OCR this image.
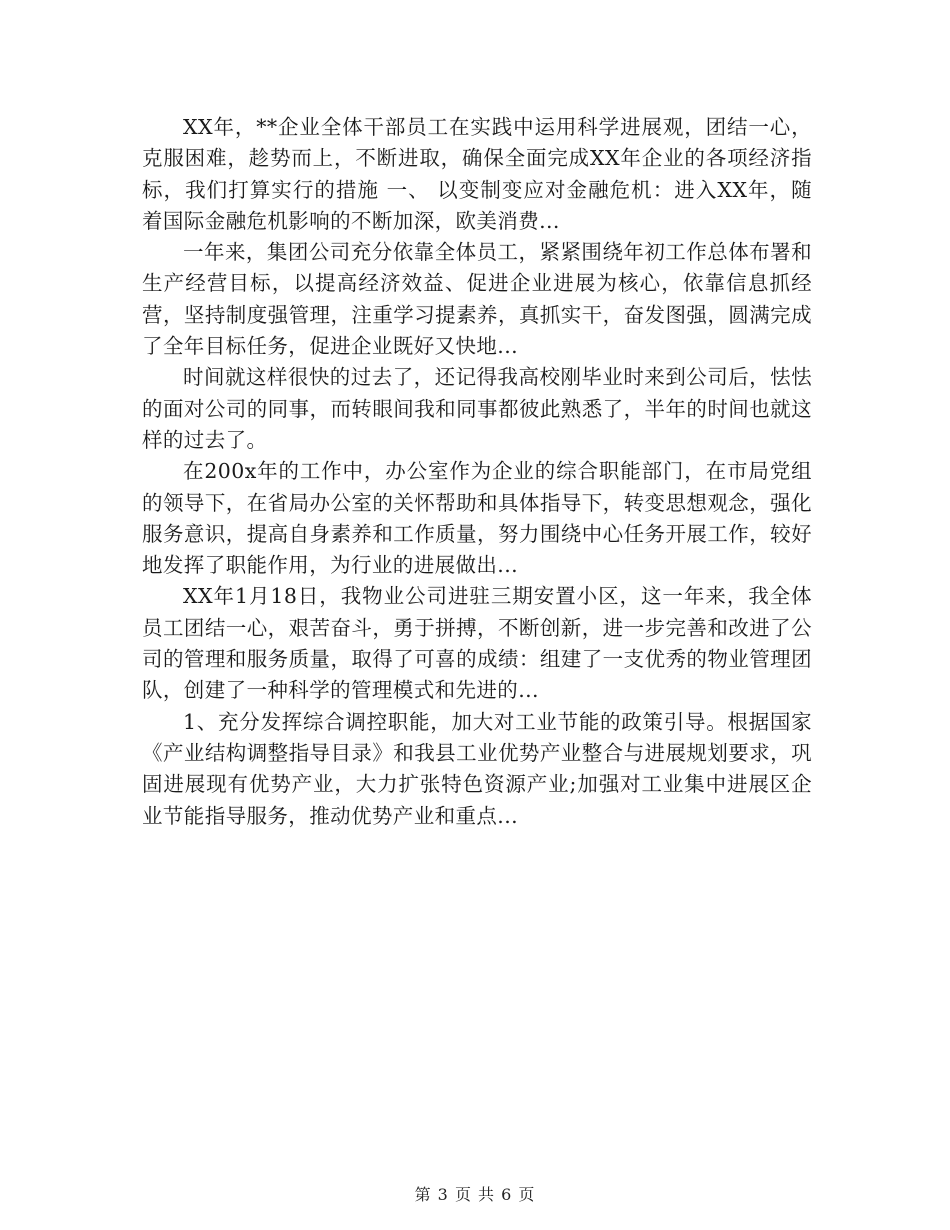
XX年，**企业全体干部员工在实践中运用科学进展观，团结一心，克服困难，趁势而上，不断进取，确保全面完成XX年企业的各项经济指标，我们打算实行的措施 一、 以变制变应对金融危机：进入XX年，随着国际金融危机影响的不断加深，欧美消费...

一年来，集团公司充分依靠全体员工，紧紧围绕年初工作总体布署和生产经营目标，以提高经济效益、促进企业进展为核心，依靠信息抓经营，坚持制度强管理，注重学习提素养，真抓实干，奋发图强，圆满完成了全年目标任务，促进企业既好又快地...

时间就这样很快的过去了，还记得我高校刚毕业时来到公司后，怯怯的面对公司的同事，而转眼间我和同事都彼此熟悉了，半年的时间也就这样的过去了。

在200x年的工作中，办公室作为企业的综合职能部门，在市局党组的领导下，在省局办公室的关怀帮助和具体指导下，转变思想观念，强化服务意识，提高自身素养和工作质量，努力围绕中心任务开展工作，较好地发挥了职能作用，为行业的进展做出...

XX年1月18日，我物业公司进驻三期安置小区，这一年来，我全体员工团结一心，艰苦奋斗，勇于拼搏，不断创新，进一步完善和改进了公司的管理和服务质量，取得了可喜的成绩：组建了一支优秀的物业管理团队，创建了一种科学的管理模式和先进的...

1、充分发挥综合调控职能，加大对工业节能的政策引导。根据国家《产业结构调整指导目录》和我县工业优势产业整合与进展规划要求，巩固进展现有优势产业，大力扩张特色资源产业;加强对工业集中进展区企业节能指导服务，推动优势产业和重点...

第 3 页 共 6 页
